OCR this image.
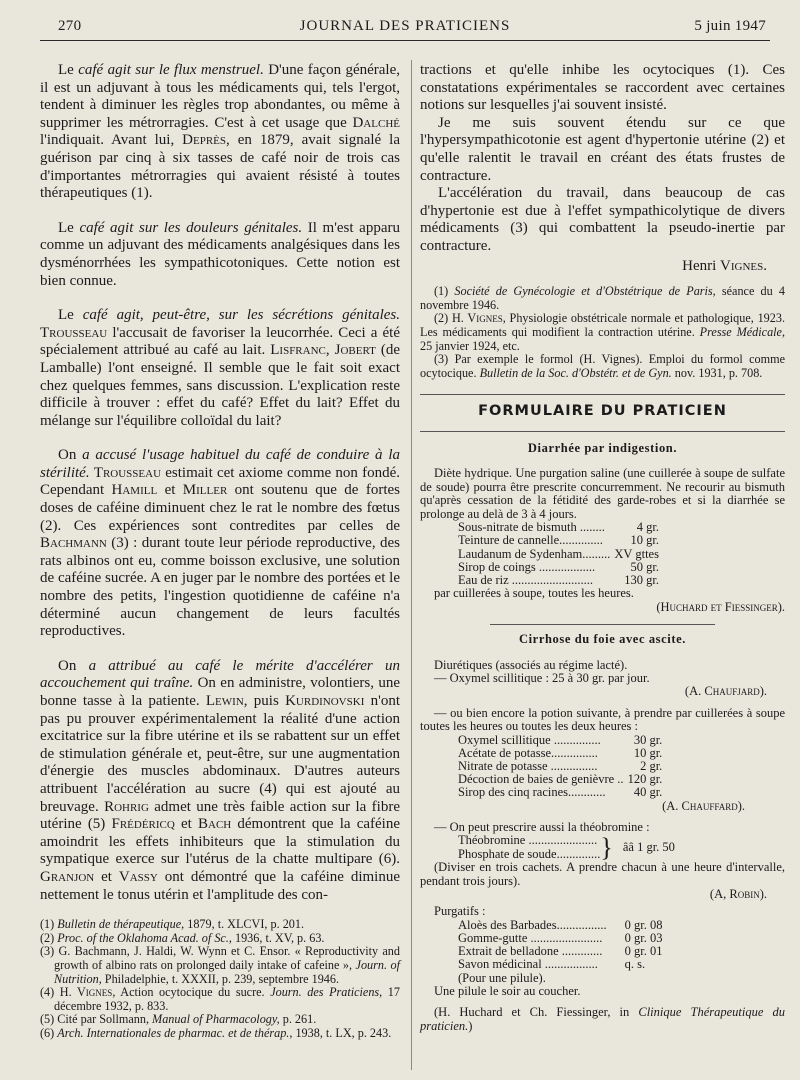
270	JOURNAL DES PRATICIENS	5 juin 1947

Le café agit sur le flux menstruel. D'une façon générale, il est un adjuvant à tous les médicaments qui, tels l'ergot, tendent à diminuer les règles trop abondantes, ou même à supprimer les métrorragies. C'est à cet usage que Dalché l'indiquait. Avant lui, Deprès, en 1879, avait signalé la guérison par cinq à six tasses de café noir de trois cas d'importantes métrorragies qui avaient résisté à toutes thérapeutiques (1).

Le café agit sur les douleurs génitales. Il m'est apparu comme un adjuvant des médicaments analgésiques dans les dysménorrhées les sympathicotoniques. Cette notion est bien connue.

Le café agit, peut-être, sur les sécrétions génitales. Trousseau l'accusait de favoriser la leucorrhée. Ceci a été spécialement attribué au café au lait. Lisfranc, Jobert (de Lamballe) l'ont enseigné. Il semble que le fait soit exact chez quelques femmes, sans discussion. L'explication reste difficile à trouver : effet du café? Effet du lait? Effet du mélange sur l'équilibre colloïdal du lait?

On a accusé l'usage habituel du café de conduire à la stérilité. Trousseau estimait cet axiome comme non fondé. Cependant Hamill et Miller ont soutenu que de fortes doses de caféine diminuent chez le rat le nombre des fœtus (2). Ces expériences sont contredites par celles de Bachmann (3) : durant toute leur période reproductive, des rats albinos ont eu, comme boisson exclusive, une solution de caféine sucrée. A en juger par le nombre des portées et le nombre des petits, l'ingestion quotidienne de caféine n'a déterminé aucun changement de leurs facultés reproductives.

On a attribué au café le mérite d'accélérer un accouchement qui traîne. On en administre, volontiers, une bonne tasse à la patiente. Lewin, puis Kurdinovski n'ont pas pu prouver expérimentalement la réalité d'une action excitatrice sur la fibre utérine et ils se rabattent sur un effet de stimulation générale et, peut-être, sur une augmentation d'énergie des muscles abdominaux. D'autres auteurs attribuent l'accélération au sucre (4) qui est ajouté au breuvage. Rohrig admet une très faible action sur la fibre utérine (5) Frédéricq et Bach démontrent que la caféine amoindrit les effets inhibiteurs que la stimulation du sympatique exerce sur l'utérus de la chatte multipare (6). Granjon et Vassy ont démontré que la caféine diminue nettement le tonus utérin et l'amplitude des con-

(1) Bulletin de thérapeutique, 1879, t. XLCVI, p. 201.

(2) Proc. of the Oklahoma Acad. of Sc., 1936, t. XV, p. 63.

(3) G. Bachmann, J. Haldi, W. Wynn et C. Ensor. « Reproductivity and growth of albino rats on prolonged daily intake of cafeine », Journ. of Nutrition, Philadelphie, t. XXXII, p. 239, septembre 1946.

(4) H. Vignes, Action ocytocique du sucre. Journ. des Praticiens, 17 décembre 1932, p. 833.

(5) Cité par Sollmann, Manual of Pharmacology, p. 261.

(6) Arch. Internationales de pharmac. et de thérap., 1938, t. LX, p. 243.

tractions et qu'elle inhibe les ocytociques (1). Ces constatations expérimentales se raccordent avec certaines notions sur lesquelles j'ai souvent insisté.

Je me suis souvent étendu sur ce que l'hypersympathicotonie est agent d'hypertonie utérine (2) et qu'elle ralentit le travail en créant des états frustes de contracture.

L'accélération du travail, dans beaucoup de cas d'hypertonie est due à l'effet sympathicolytique de divers médicaments (3) qui combattent la pseudo-inertie par contracture.

Henri Vignes.

(1) Société de Gynécologie et d'Obstétrique de Paris, séance du 4 novembre 1946.

(2) H. Vignes, Physiologie obstétricale normale et pathologique, 1923. Les médicaments qui modifient la contraction utérine. Presse Médicale, 25 janvier 1924, etc.

(3) Par exemple le formol (H. Vignes). Emploi du formol comme ocytocique. Bulletin de la Soc. d'Obstétr. et de Gyn. nov. 1931, p. 708.

FORMULAIRE DU PRATICIEN
Diarrhée par indigestion.

Diète hydrique. Une purgation saline (une cuillerée à soupe de sulfate de soude) pourra être prescrite concurremment. Ne recourir au bismuth qu'après cessation de la fétidité des garde-robes et si la diarrhée se prolonge au delà de 3 à 4 jours.

Sous-nitrate de bismuth ........	4 gr.
Teinture de cannelle..............	10 gr.
Laudanum de Sydenham.........	XV gttes
Sirop de coings ..................	50 gr.
Eau de riz ..........................	130 gr.
par cuillerées à soupe, toutes les heures.
(Huchard et Fiessinger).
Cirrhose du foie avec ascite.
Diurétiques (associés au régime lacté).
— Oxymel scillitique : 25 à 30 gr. par jour.
(A. Chaufjard).

— ou bien encore la potion suivante, à prendre par cuillerées à soupe toutes les heures ou toutes les deux heures :

Oxymel scillitique ...............	30 gr.
Acétate de potasse...............	10 gr.
Nitrate de potasse ...............	2 gr.
Décoction de baies de genièvre ..	120 gr.
Sirop des cinq racines............	40 gr.
(A. Chauffard).

— On peut prescrire aussi la théobromine :

Théobromine ......................
Phosphate de soude.............. } ââ 1 gr. 50

(Diviser en trois cachets. A prendre chacun à une heure d'intervalle, pendant trois jours).

(A, Robin).
Purgatifs :
Aloès des Barbades................	0 gr. 08
Gomme-gutte .......................	0 gr. 03
Extrait de belladone .............	0 gr. 01
Savon médicinal .................	q. s.
(Pour une pilule).
Une pilule le soir au coucher.

(H. Huchard et Ch. Fiessinger, in Clinique Thérapeutique du praticien.)
